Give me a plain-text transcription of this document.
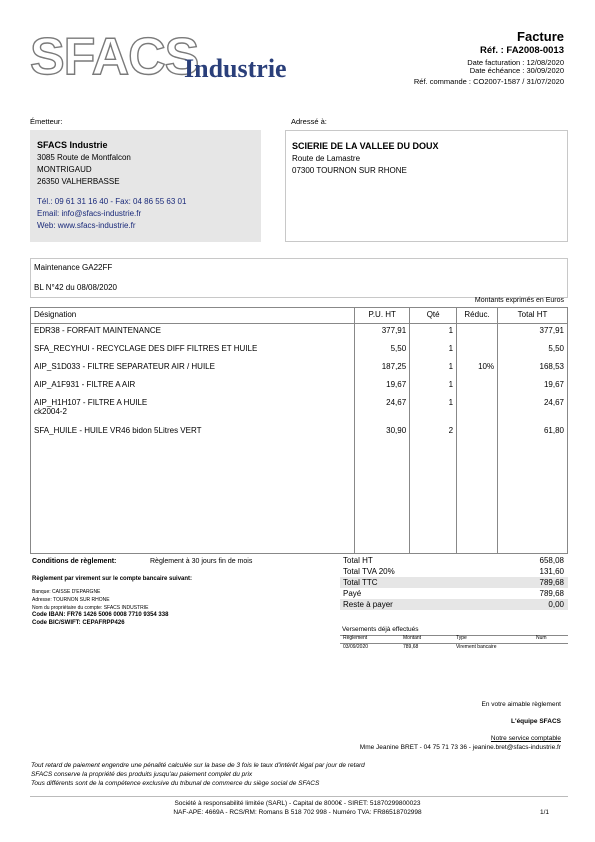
SFACS
Industrie
Facture
Réf. : FA2008-0013
Date facturation : 12/08/2020
Date échéance : 30/09/2020
Réf. commande : CO2007-1587 / 31/07/2020
Émetteur:
SFACS Industrie
3085 Route de Montfalcon
MONTRIGAUD
26350 VALHERBASSE
Tél.: 09 61 31 16 40 - Fax: 04 86 55 63 01
Email: info@sfacs-industrie.fr
Web: www.sfacs-industrie.fr
Adressé à:
SCIERIE DE LA VALLEE DU DOUX
Route de Lamastre
07300 TOURNON SUR RHONE
Maintenance GA22FF
BL N°42 du 08/08/2020
Montants exprimés en Euros
Désignation	P.U. HT	Qté	Réduc.	Total HT
EDR38 - FORFAIT MAINTENANCE	377,91	1		377,91
SFA_RECYHUI - RECYCLAGE DES DIFF FILTRES ET HUILE	5,50	1		5,50
AIP_S1D033 - FILTRE SEPARATEUR AIR / HUILE	187,25	1	10%	168,53
AIP_A1F931 - FILTRE A AIR	19,67	1		19,67
AIP_H1H107 - FILTRE A HUILE
ck2004-2	24,67	1		24,67
SFA_HUILE - HUILE VR46 bidon 5Litres VERT	30,90	2		61,80

Conditions de règlement:	Règlement à 30 jours fin de mois
Règlement par virement sur le compte bancaire suivant:
Banque: CAISSE D'EPARGNE
Adresse: TOURNON SUR RHONE
Nom du propriétaire du compte: SFACS INDUSTRIE
Code IBAN: FR76 1426 5006 0008 7710 9354 338
Code BIC/SWIFT: CEPAFRPP426
Total HT	658,08
Total TVA 20%	131,60
Total TTC	789,68
Payé	789,68
Reste à payer	0,00
Versements déjà effectués
Règlement	Montant	Type	Num
03/09/2020	789,68	Virement bancaire
En votre aimable règlement
L'équipe SFACS
Notre service comptable
Mme Jeanine BRET - 04 75 71 73 36 - jeanine.bret@sfacs-industrie.fr
Tout retard de paiement engendre une pénalité calculée sur la base de 3 fois le taux d'intérêt légal par jour de retard
SFACS conserve la propriété des produits jusqu'au paiement complet du prix
Tous différents sont de la compétence exclusive du tribunal de commerce du siège social de SFACS
Société à responsabilité limitée (SARL) - Capital de 8000€ - SIRET: 51870299800023
NAF-APE: 4669A - RCS/RM: Romans B 518 702 998 - Numéro TVA: FR86518702998	1/1
